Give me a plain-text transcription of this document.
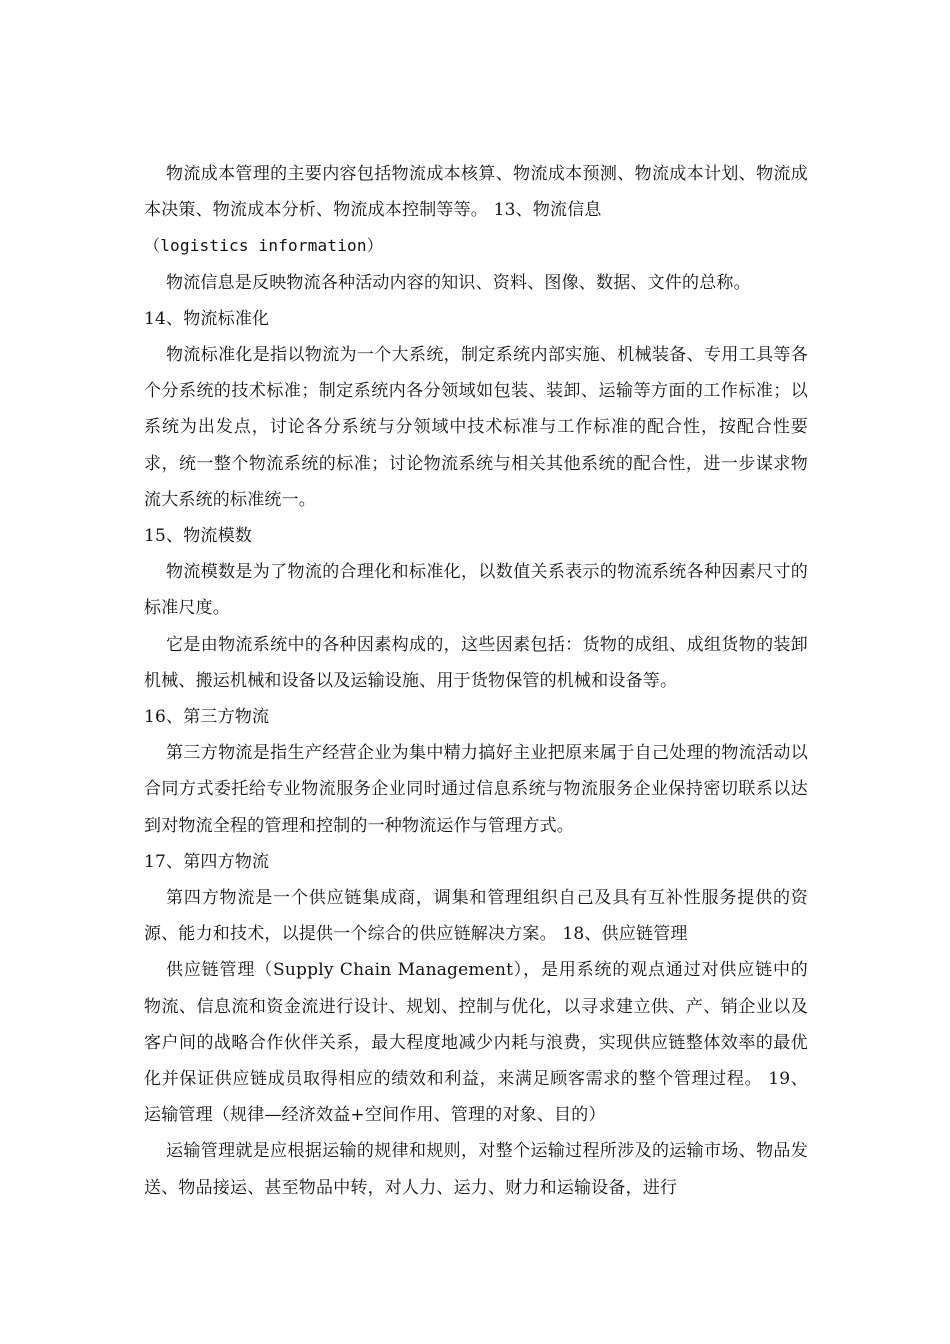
物流成本管理的主要内容包括物流成本核算、物流成本预测、物流成本计划、物流成本决策、物流成本分析、物流成本控制等等。 13、物流信息

（logistics information）

物流信息是反映物流各种活动内容的知识、资料、图像、数据、文件的总称。

14、物流标准化

物流标准化是指以物流为一个大系统，制定系统内部实施、机械装备、专用工具等各个分系统的技术标准；制定系统内各分领域如包装、装卸、运输等方面的工作标准；以系统为出发点，讨论各分系统与分领域中技术标准与工作标准的配合性，按配合性要求，统一整个物流系统的标准；讨论物流系统与相关其他系统的配合性，进一步谋求物流大系统的标准统一。

15、物流模数

物流模数是为了物流的合理化和标准化，以数值关系表示的物流系统各种因素尺寸的标准尺度。

它是由物流系统中的各种因素构成的，这些因素包括：货物的成组、成组货物的装卸机械、搬运机械和设备以及运输设施、用于货物保管的机械和设备等。

16、第三方物流

第三方物流是指生产经营企业为集中精力搞好主业把原来属于自己处理的物流活动以合同方式委托给专业物流服务企业同时通过信息系统与物流服务企业保持密切联系以达到对物流全程的管理和控制的一种物流运作与管理方式。

17、第四方物流

第四方物流是一个供应链集成商，调集和管理组织自己及具有互补性服务提供的资源、能力和技术，以提供一个综合的供应链解决方案。 18、供应链管理

供应链管理（Supply Chain Management），是用系统的观点通过对供应链中的物流、信息流和资金流进行设计、规划、控制与优化，以寻求建立供、产、销企业以及客户间的战略合作伙伴关系，最大程度地减少内耗与浪费，实现供应链整体效率的最优化并保证供应链成员取得相应的绩效和利益，来满足顾客需求的整个管理过程。 19、运输管理（规律—经济效益+空间作用、管理的对象、目的）

运输管理就是应根据运输的规律和规则，对整个运输过程所涉及的运输市场、物品发送、物品接运、甚至物品中转，对人力、运力、财力和运输设备，进行
